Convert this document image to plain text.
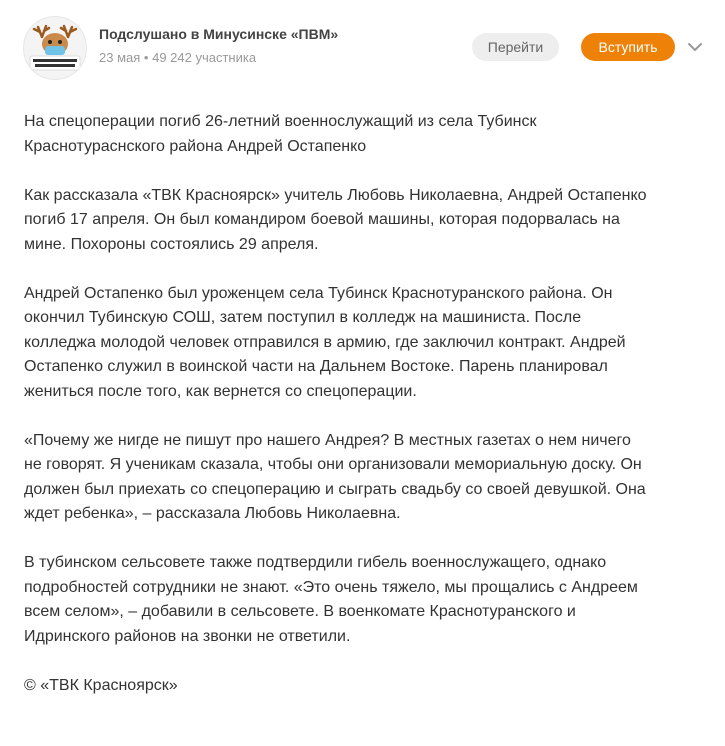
Подслушано в Минусинске «ПВМ»
23 мая • 49 242 участника
Перейти	Вступить

На спецоперации погиб 26-летний военнослужащий из села Тубинск
Краснотураснского района Андрей Остапенко

Как рассказала «ТВК Красноярск» учитель Любовь Николаевна, Андрей Остапенко
погиб 17 апреля. Он был командиром боевой машины, которая подорвалась на
мине. Похороны состоялись 29 апреля.

Андрей Остапенко был уроженцем села Тубинск Краснотуранского района. Он
окончил Тубинскую СОШ, затем поступил в колледж на машиниста. После
колледжа молодой человек отправился в армию, где заключил контракт. Андрей
Остапенко служил в воинской части на Дальнем Востоке. Парень планировал
жениться после того, как вернется со спецоперации.

«Почему же нигде не пишут про нашего Андрея? В местных газетах о нем ничего
не говорят. Я ученикам сказала, чтобы они организовали мемориальную доску. Он
должен был приехать со спецоперацию и сыграть свадьбу со своей девушкой. Она
ждет ребенка», – рассказала Любовь Николаевна.

В тубинском сельсовете также подтвердили гибель военнослужащего, однако
подробностей сотрудники не знают. «Это очень тяжело, мы прощались с Андреем
всем селом», – добавили в сельсовете. В военкомате Краснотуранского и
Идринского районов на звонки не ответили.

© «ТВК Красноярск»
